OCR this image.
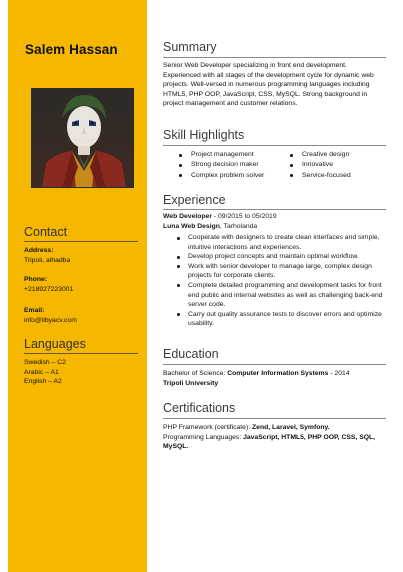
Salem Hassan
Contact
Address:
Tripoli, alhadba
Phone:
+218927223001
Email:
info@libyacv.com
Languages
Swedish – C2
Arabic – A1
English – A2
Summary
Senior Web Developer specializing in front end development. Experienced with all stages of the development cycle for dynamic web projects. Well-versed in numerous programming languages including HTML5, PHP OOP, JavaScript, CSS, MySQL. Strong background in project management and customer relations.
Skill Highlights
Project management
Strong decision maker
Complex problem solver
Creative design
Innovative
Service-focused
Experience
Web Developer - 09/2015 to 05/2019
Luna Web Design, Tarholanda
Cooperate with designers to create clean interfaces and simple, intuitive interactions and experiences.
Develop project concepts and maintain optimal workflow.
Work with senior developer to manage large, complex design projects for corporate clients.
Complete detailed programming and development tasks for front end public and internal websites as well as challenging back-end server code.
Carry out quality assurance tests to discover errors and optimize usability.
Education
Bachelor of Science: Computer Information Systems - 2014
Tripoli University
Certifications
PHP Framework (certificate): Zend, Laravel, Symfony.
Programming Languages: JavaScript, HTML5, PHP OOP, CSS, SQL, MySQL.
